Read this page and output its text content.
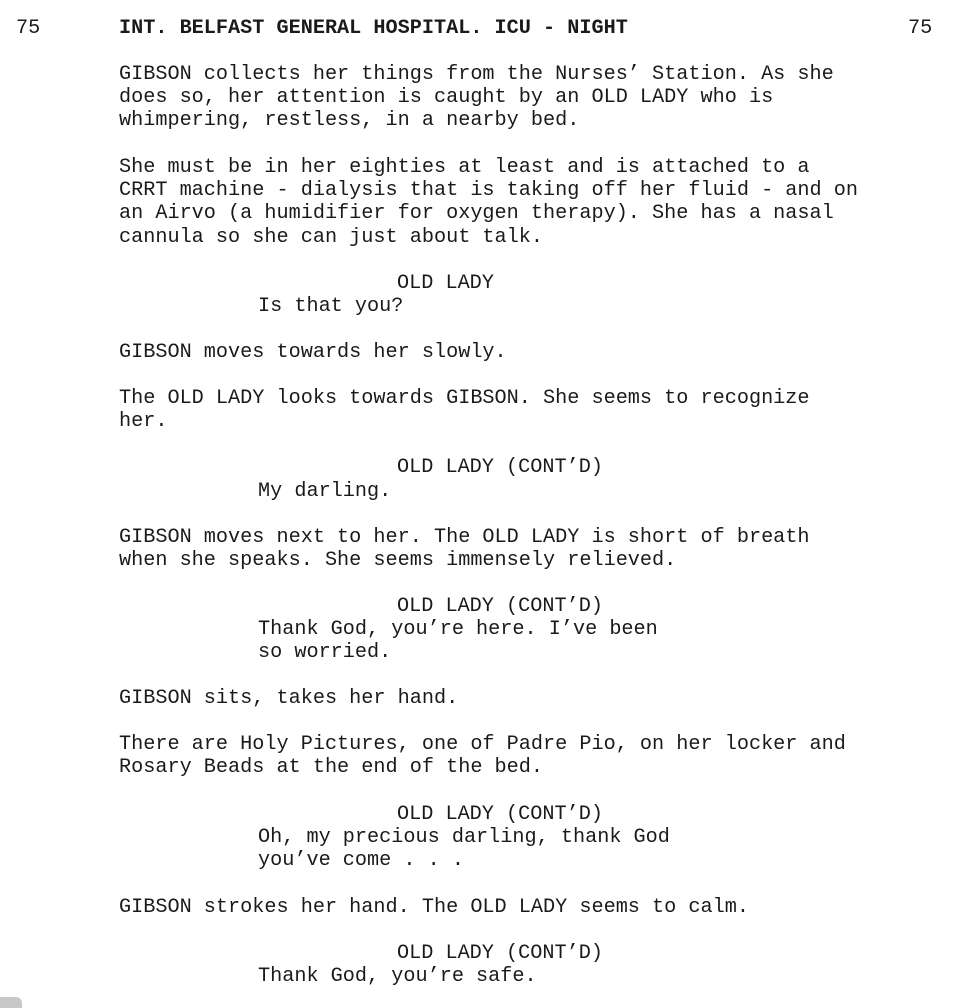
75	INT. BELFAST GENERAL HOSPITAL. ICU - NIGHT	75
GIBSON collects her things from the Nurses’ Station. As she
does so, her attention is caught by an OLD LADY who is
whimpering, restless, in a nearby bed.
She must be in her eighties at least and is attached to a
CRRT machine - dialysis that is taking off her fluid - and on
an Airvo (a humidifier for oxygen therapy). She has a nasal
cannula so she can just about talk.
OLD LADY
Is that you?
GIBSON moves towards her slowly.
The OLD LADY looks towards GIBSON. She seems to recognize
her.
OLD LADY (CONT’D)
My darling.
GIBSON moves next to her. The OLD LADY is short of breath
when she speaks. She seems immensely relieved.
OLD LADY (CONT’D)
Thank God, you’re here. I’ve been
so worried.
GIBSON sits, takes her hand.
There are Holy Pictures, one of Padre Pio, on her locker and
Rosary Beads at the end of the bed.
OLD LADY (CONT’D)
Oh, my precious darling, thank God
you’ve come . . .
GIBSON strokes her hand. The OLD LADY seems to calm.
OLD LADY (CONT’D)
Thank God, you’re safe.
